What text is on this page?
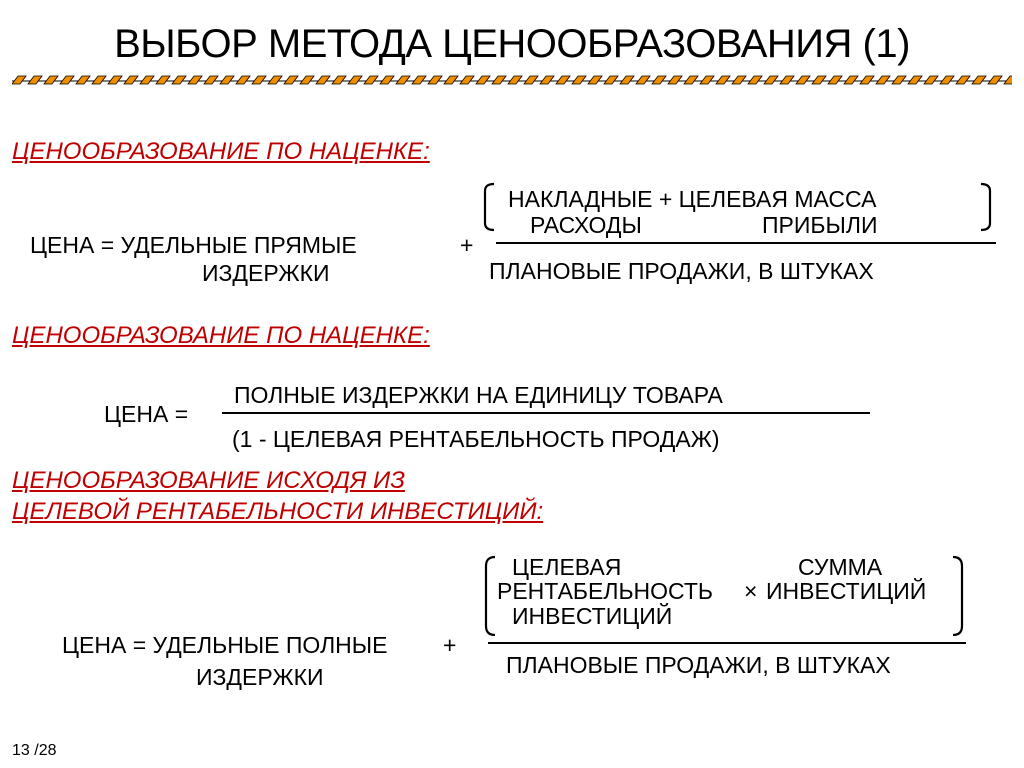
ВЫБОР МЕТОДА ЦЕНООБРАЗОВАНИЯ (1)
ЦЕНООБРАЗОВАНИЕ ПО НАЦЕНКЕ:
ЦЕНА = УДЕЛЬНЫЕ ПРЯМЫЕ
ИЗДЕРЖКИ
+
НАКЛАДНЫЕ + ЦЕЛЕВАЯ МАССА
РАСХОДЫ	ПРИБЫЛИ
ПЛАНОВЫЕ ПРОДАЖИ, В ШТУКАХ
ЦЕНООБРАЗОВАНИЕ ПО НАЦЕНКЕ:
ЦЕНА =
ПОЛНЫЕ ИЗДЕРЖКИ НА ЕДИНИЦУ ТОВАРА
(1 - ЦЕЛЕВАЯ РЕНТАБЕЛЬНОСТЬ ПРОДАЖ)
ЦЕНООБРАЗОВАНИЕ ИСХОДЯ ИЗ
ЦЕЛЕВОЙ РЕНТАБЕЛЬНОСТИ ИНВЕСТИЦИЙ:
ЦЕЛЕВАЯ
РЕНТАБЕЛЬНОСТЬ
ИНВЕСТИЦИЙ
×
СУММА
ИНВЕСТИЦИЙ
ЦЕНА = УДЕЛЬНЫЕ ПОЛНЫЕ +
ИЗДЕРЖКИ	ПЛАНОВЫЕ ПРОДАЖИ, В ШТУКАХ
13 /28
